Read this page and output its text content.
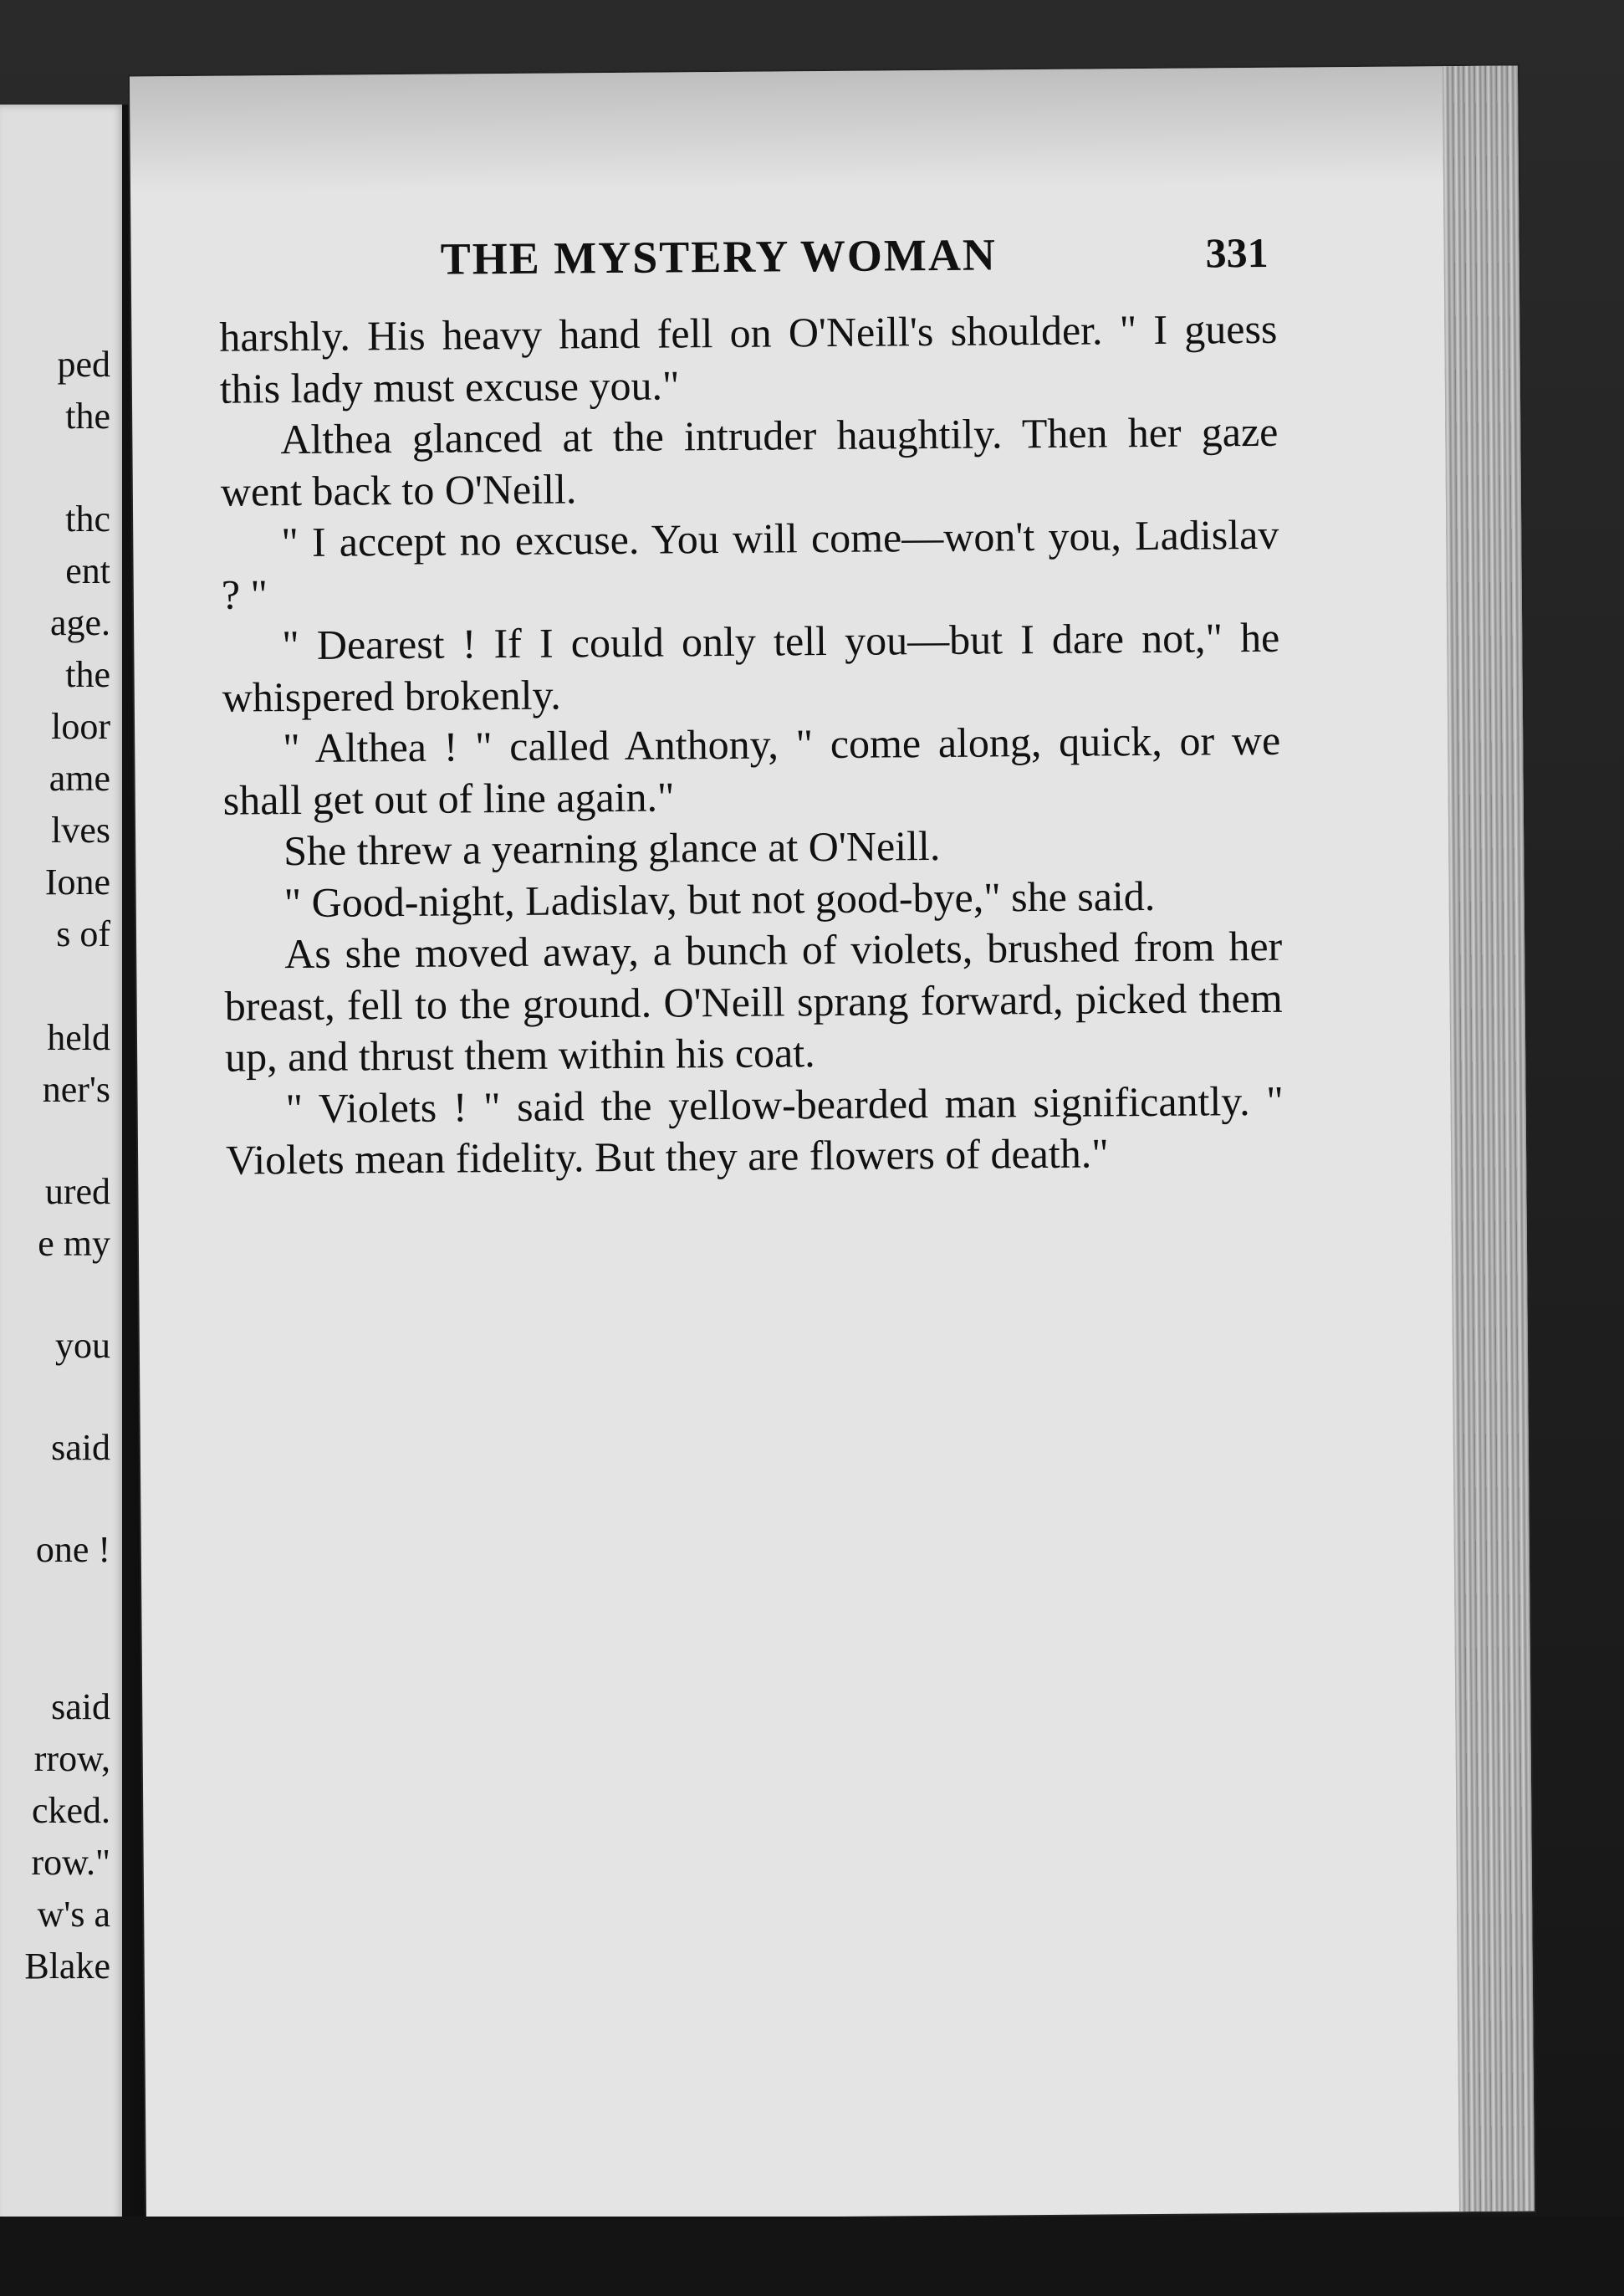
ped
the
thc
ent
age.
the
loor
ame
lves
Ione
s of
held
ner's
ured
e my
you
said
one !
said
rrow,
cked.
row."
w's a
Blake
THE MYSTERY WOMAN	331

harshly. His heavy hand fell on O'Neill's shoulder. " I guess this lady must excuse you."

Althea glanced at the intruder haughtily. Then her gaze went back to O'Neill.

" I accept no excuse. You will come—won't you, Ladislav ? "

" Dearest ! If I could only tell you—but I dare not," he whispered brokenly.

" Althea ! " called Anthony, " come along, quick, or we shall get out of line again."

She threw a yearning glance at O'Neill.

" Good-night, Ladislav, but not good-bye," she said.

As she moved away, a bunch of violets, brushed from her breast, fell to the ground. O'Neill sprang forward, picked them up, and thrust them within his coat.

" Violets ! " said the yellow-bearded man significantly. " Violets mean fidelity. But they are flowers of death."
